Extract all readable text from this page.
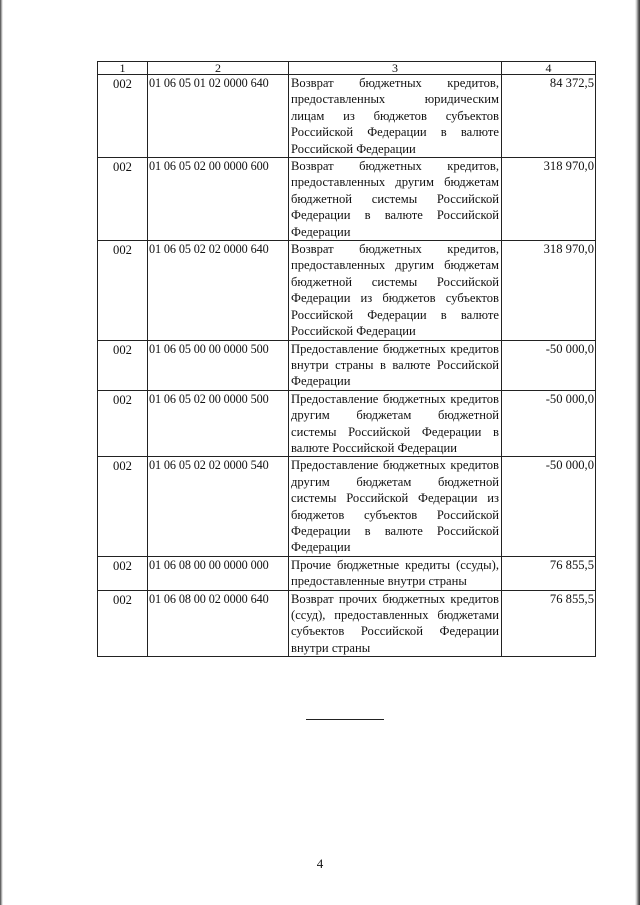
1	2	3	4
002	01 06 05 01 02 0000 640	Возврат бюджетных кредитов, предоставленных юридическим лицам из бюджетов субъектов Российской Федерации в валюте Российской Федерации	84 372,5
002	01 06 05 02 00 0000 600	Возврат бюджетных кредитов, предоставленных другим бюджетам бюджетной системы Российской Федерации в валюте Российской Федерации	318 970,0
002	01 06 05 02 02 0000 640	Возврат бюджетных кредитов, предоставленных другим бюджетам бюджетной системы Российской Федерации из бюджетов субъектов Российской Федерации в валюте Российской Федерации	318 970,0
002	01 06 05 00 00 0000 500	Предоставление бюджетных кредитов внутри страны в валюте Российской Федерации	-50 000,0
002	01 06 05 02 00 0000 500	Предоставление бюджетных кредитов другим бюджетам бюджетной системы Российской Федерации в валюте Российской Федерации	-50 000,0
002	01 06 05 02 02 0000 540	Предоставление бюджетных кредитов другим бюджетам бюджетной системы Российской Федерации из бюджетов субъектов Российской Федерации в валюте Российской Федерации	-50 000,0
002	01 06 08 00 00 0000 000	Прочие бюджетные кредиты (ссуды), предоставленные внутри страны	76 855,5
002	01 06 08 00 02 0000 640	Возврат прочих бюджетных кредитов (ссуд), предоставленных бюджетами субъектов Российской Федерации внутри страны	76 855,5
4
